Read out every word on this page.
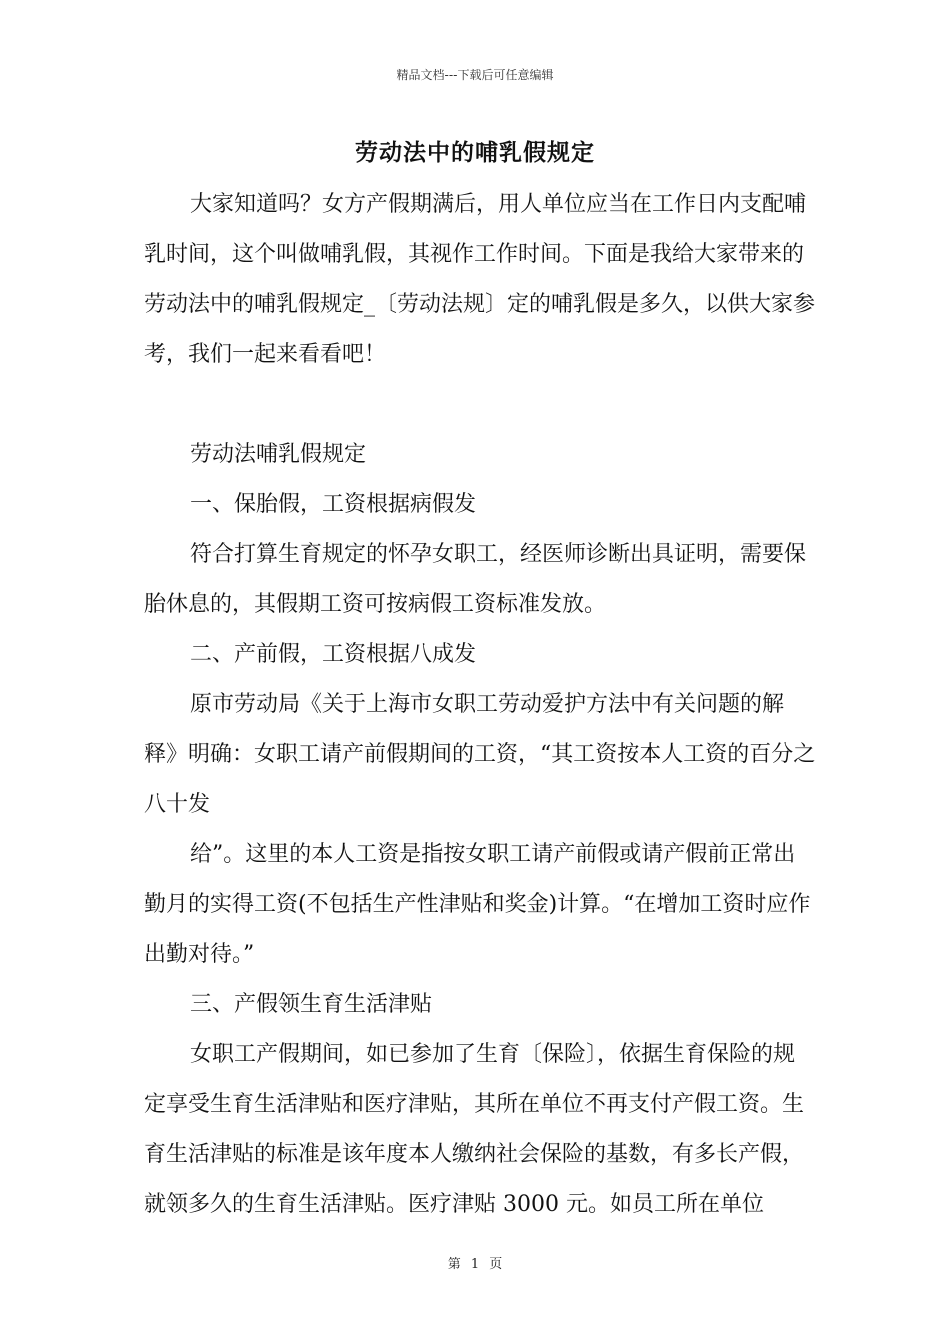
精品文档---下载后可任意编辑
劳动法中的哺乳假规定

大家知道吗？女方产假期满后，用人单位应当在工作日内支配哺乳时间，这个叫做哺乳假，其视作工作时间。下面是我给大家带来的劳动法中的哺乳假规定_〔劳动法规〕定的哺乳假是多久，以供大家参考，我们一起来看看吧！

劳动法哺乳假规定

一、保胎假，工资根据病假发

符合打算生育规定的怀孕女职工，经医师诊断出具证明，需要保胎休息的，其假期工资可按病假工资标准发放。

二、产前假，工资根据八成发

原市劳动局《关于上海市女职工劳动爱护方法中有关问题的解释》明确：女职工请产前假期间的工资，“其工资按本人工资的百分之八十发

给”。这里的本人工资是指按女职工请产前假或请产假前正常出勤月的实得工资(不包括生产性津贴和奖金)计算。“在增加工资时应作出勤对待。”

三、产假领生育生活津贴

女职工产假期间，如已参加了生育〔保险〕，依据生育保险的规定享受生育生活津贴和医疗津贴，其所在单位不再支付产假工资。生育生活津贴的标准是该年度本人缴纳社会保险的基数，有多长产假，就领多久的生育生活津贴。医疗津贴 3000 元。如员工所在单位

第 1 页
